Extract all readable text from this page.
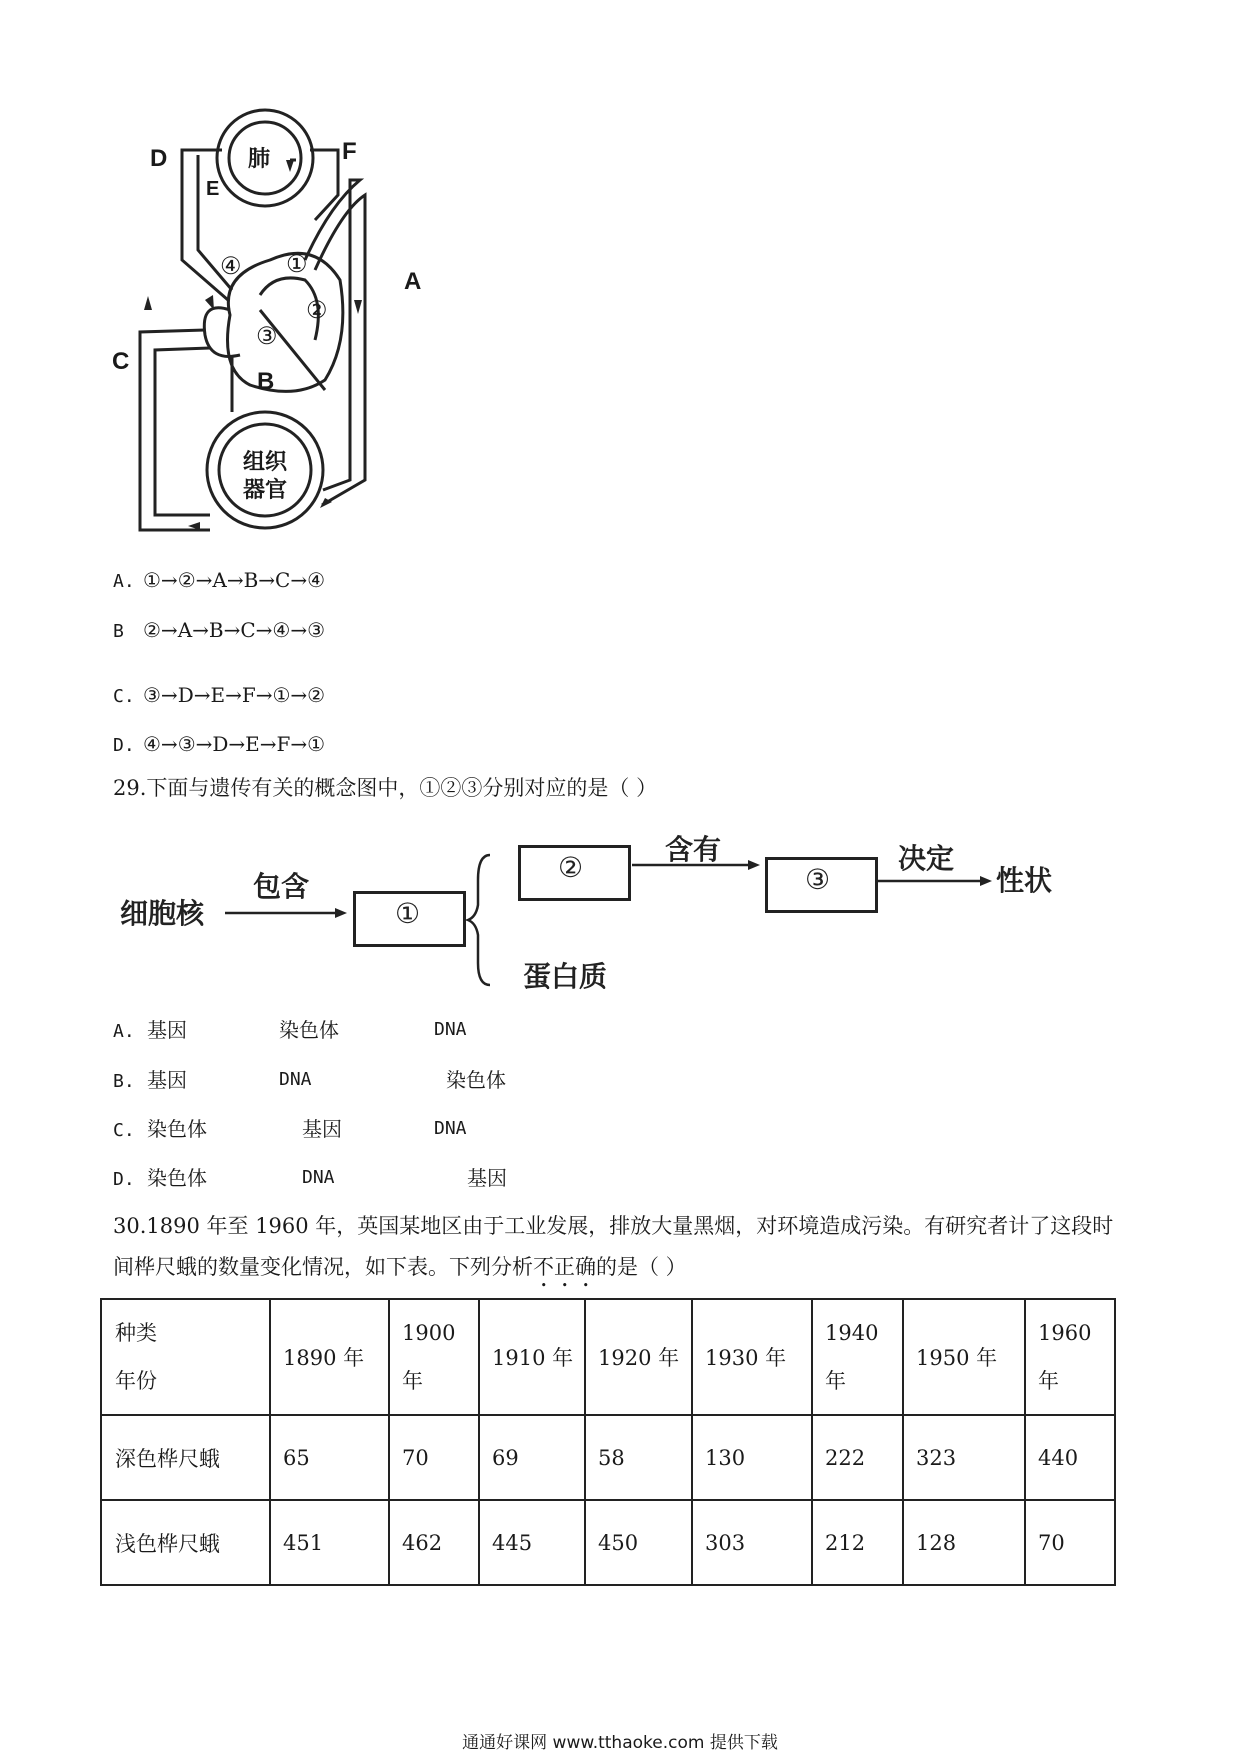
肺
组织
器官
D
E
F
A
B
C
①
②
③
④
A. ①→②→A→B→C→④
B ②→A→B→C→④→③
C. ③→D→E→F→①→②
D. ④→③→D→E→F→①
29.下面与遗传有关的概念图中，①②③分别对应的是（ ）
细胞核
包含
①
②
含有
③
决定
性状
蛋白质
A. 基因	染色体	DNA
B. 基因	DNA	染色体
C. 染色体	基因	DNA
D. 染色体	DNA	基因
30.1890 年至 1960 年，英国某地区由于工业发展，排放大量黑烟，对环境造成污染。有研究者计了这段时
间桦尺蛾的数量变化情况，如下表。下列分析不正确的是（ ）
种类
年份	1890 年	1900 年	1910 年	1920 年	1930 年	1940 年	1950 年	1960 年
深色桦尺蛾	65	70	69	58	130	222	323	440
浅色桦尺蛾	451	462	445	450	303	212	128	70
通通好课网 www.tthaoke.com 提供下载
